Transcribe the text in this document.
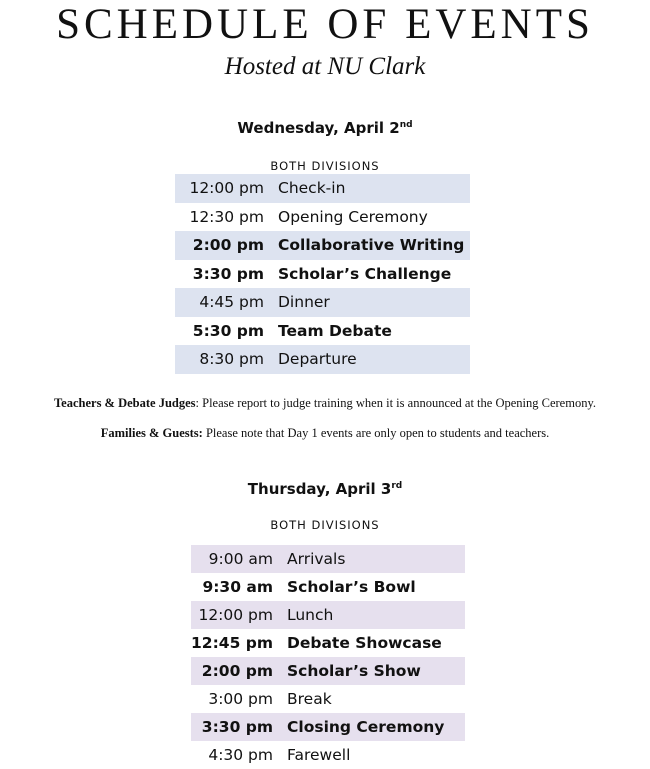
SCHEDULE OF EVENTS
Hosted at NU Clark
Wednesday, April 2nd
BOTH DIVISIONS
12:00 pm	Check-in
12:30 pm	Opening Ceremony
2:00 pm	Collaborative Writing
3:30 pm	Scholar’s Challenge
4:45 pm	Dinner
5:30 pm	Team Debate
8:30 pm	Departure
Teachers & Debate Judges: Please report to judge training when it is announced at the Opening Ceremony.
Families & Guests: Please note that Day 1 events are only open to students and teachers.
Thursday, April 3rd
BOTH DIVISIONS
9:00 am	Arrivals
9:30 am	Scholar’s Bowl
12:00 pm	Lunch
12:45 pm	Debate Showcase
2:00 pm	Scholar’s Show
3:00 pm	Break
3:30 pm	Closing Ceremony
4:30 pm	Farewell
